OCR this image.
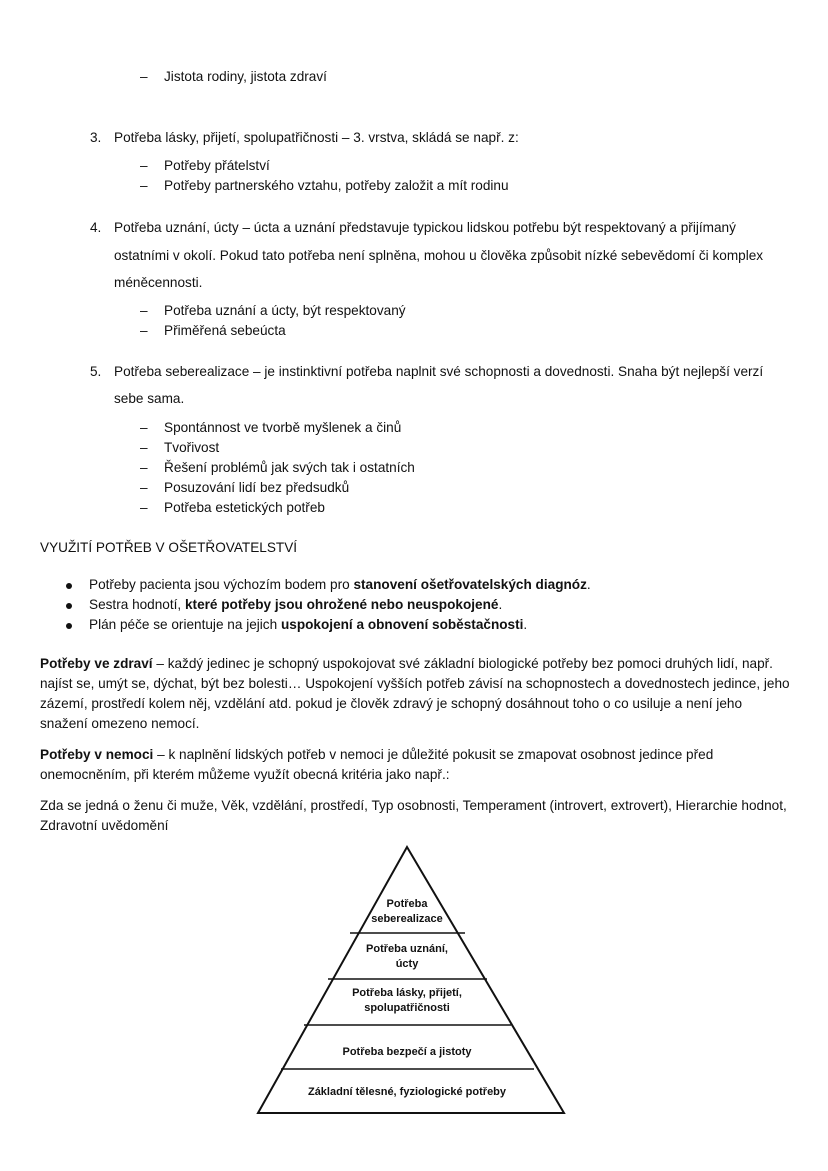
– Jistota rodiny, jistota zdraví
3. Potřeba lásky, přijetí, spolupatřičnosti – 3. vrstva, skládá se např. z:
– Potřeby přátelství
– Potřeby partnerského vztahu, potřeby založit a mít rodinu
4. Potřeba uznání, úcty – úcta a uznání představuje typickou lidskou potřebu být respektovaný a přijímaný
ostatními v okolí. Pokud tato potřeba není splněna, mohou u člověka způsobit nízké sebevědomí či komplex
méněcennosti.
– Potřeba uznání a úcty, být respektovaný
– Přiměřená sebeúcta
5. Potřeba seberealizace – je instinktivní potřeba naplnit své schopnosti a dovednosti. Snaha být nejlepší verzí
sebe sama.
– Spontánnost ve tvorbě myšlenek a činů
– Tvořivost
– Řešení problémů jak svých tak i ostatních
– Posuzování lidí bez předsudků
– Potřeba estetických potřeb
VYUŽITÍ POTŘEB V OŠETŘOVATELSTVÍ
Potřeby pacienta jsou výchozím bodem pro stanovení ošetřovatelských diagnóz.
Sestra hodnotí, které potřeby jsou ohrožené nebo neuspokojené.
Plán péče se orientuje na jejich uspokojení a obnovení soběstačnosti.
Potřeby ve zdraví – každý jedinec je schopný uspokojovat své základní biologické potřeby bez pomoci druhých lidí, např. najíst se, umýt se, dýchat, být bez bolesti… Uspokojení vyšších potřeb závisí na schopnostech a dovednostech jedince, jeho zázemí, prostředí kolem něj, vzdělání atd. pokud je člověk zdravý je schopný dosáhnout toho o co usiluje a není jeho snažení omezeno nemocí.
Potřeby v nemoci – k naplnění lidských potřeb v nemoci je důležité pokusit se zmapovat osobnost jedince před onemocněním, při kterém můžeme využít obecná kritéria jako např.:
Zda se jedná o ženu či muže, Věk, vzdělání, prostředí, Typ osobnosti, Temperament (introvert, extrovert), Hierarchie hodnot, Zdravotní uvědomění
Potřeba
seberealizace
Potřeba uznání,
úcty
Potřeba lásky, přijetí,
spolupatřičnosti
Potřeba bezpečí a jistoty
Základní tělesné, fyziologické potřeby
